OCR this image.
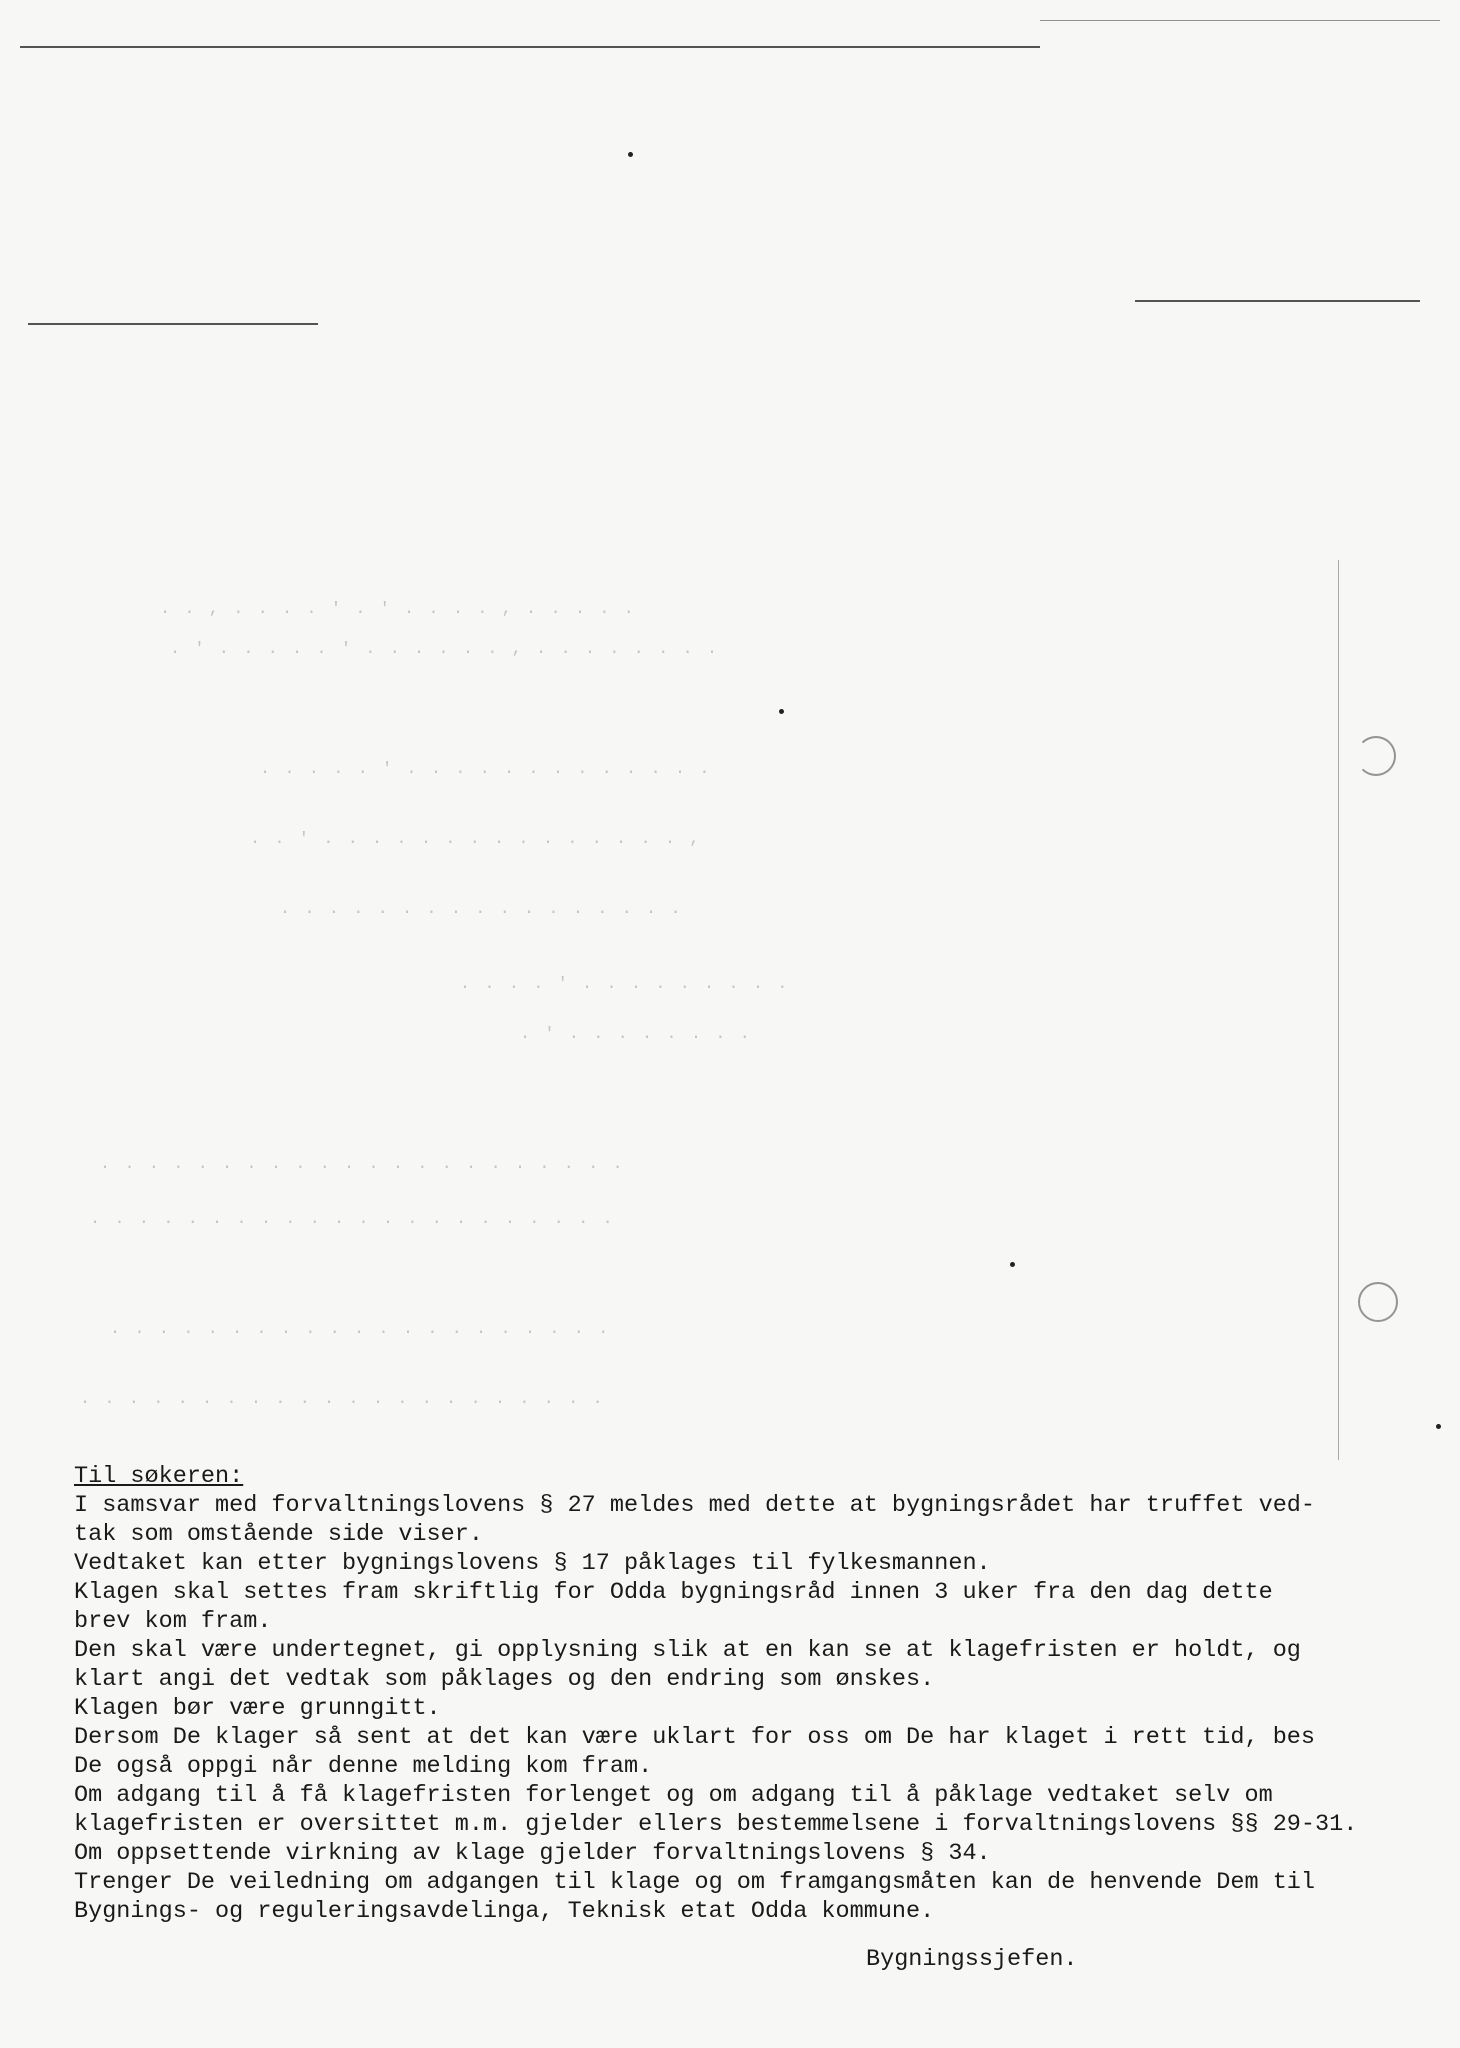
. . , . . . . ' . ' . . . . , . . . . .
. ' . . . . . ' . . . . . . , . . . . . . . .
. . . . . ' . . . . . . . . . . . . .
. . ' . . . . . . . . . . . . . . . ,
. . . . . . . . . . . . . . . . .
. . . . ' . . . . . . . . .
. ' . . . . . . . .
. . . . . . . . . . . . . . . . . . . . . .
. . . . . . . . . . . . . . . . . . . . . .
. . . . . . . . . . . . . . . . . . . . .
. . . . . . . . . . . . . . . . . . . . . .
Til søkeren:
I samsvar med forvaltningslovens § 27 meldes med dette at bygningsrådet har truffet ved-
tak som omstående side viser.
Vedtaket kan etter bygningslovens § 17 påklages til fylkesmannen.
Klagen skal settes fram skriftlig for Odda bygningsråd innen 3 uker fra den dag dette
brev kom fram.
Den skal være undertegnet, gi opplysning slik at en kan se at klagefristen er holdt, og
klart angi det vedtak som påklages og den endring som ønskes.
Klagen bør være grunngitt.
Dersom De klager så sent at det kan være uklart for oss om De har klaget i rett tid, bes
De også oppgi når denne melding kom fram.
Om adgang til å få klagefristen forlenget og om adgang til å påklage vedtaket selv om
klagefristen er oversittet m.m. gjelder ellers bestemmelsene i forvaltningslovens §§ 29-31.
Om oppsettende virkning av klage gjelder forvaltningslovens § 34.
Trenger De veiledning om adgangen til klage og om framgangsmåten kan de henvende Dem til
Bygnings- og reguleringsavdelinga, Teknisk etat Odda kommune.
Bygningssjefen.
